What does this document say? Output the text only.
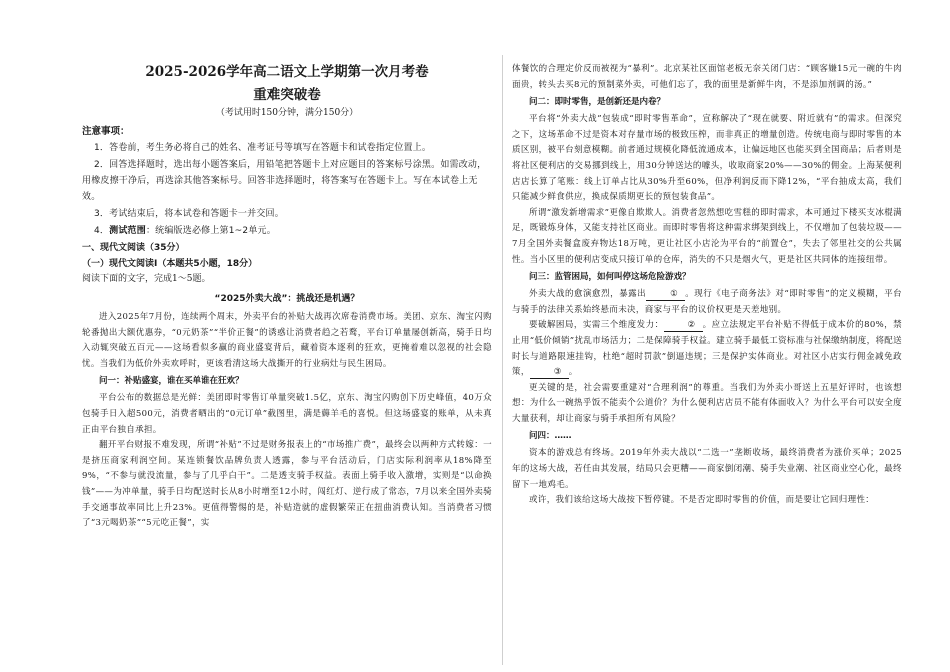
2025-2026学年高二语文上学期第一次月考卷

重难突破卷

（考试用时150分钟，满分150分）

注意事项：

1．答卷前，考生务必将自己的姓名、准考证号等填写在答题卡和试卷指定位置上。

2．回答选择题时，选出每小题答案后，用铅笔把答题卡上对应题目的答案标号涂黑。如需改动，用橡皮擦干净后，再选涂其他答案标号。回答非选择题时，将答案写在答题卡上。写在本试卷上无效。

3．考试结束后，将本试卷和答题卡一并交回。

4．测试范围：统编版选必修上第1~2单元。

一、现代文阅读（35分）

（一）现代文阅读Ⅰ（本题共5小题，18分）

阅读下面的文字，完成1～5题。

“2025外卖大战”：挑战还是机遇？

进入2025年7月份，连续两个周末，外卖平台的补贴大战再次席卷消费市场。美团、京东、淘宝闪购轮番抛出大额优惠券，“0元奶茶”“半价正餐”的诱惑让消费者趋之若鹜，平台订单量屡创新高，骑手日均入动辄突破五百元——这场看似多赢的商业盛宴背后，藏着资本逐利的狂欢，更掩着难以忽视的社会隐忧。当我们为低价外卖欢呼时，更该看清这场大战撕开的行业病灶与民生困局。

问一：补贴盛宴，谁在买单谁在狂欢？

平台公布的数据总是光鲜：美团即时零售订单量突破1.5亿，京东、淘宝闪购创下历史峰值，40万众包骑手日入超500元，消费者晒出的“0元订单”截图里，满是薅羊毛的喜悦。但这场盛宴的账单，从未真正由平台独自承担。

翻开平台财报不难发现，所谓“补贴”不过是财务报表上的“市场推广费”，最终会以两种方式转嫁：一是挤压商家利润空间。某连锁餐饮品牌负责人透露，参与平台活动后，门店实际利润率从18%降至9%，“不参与就没流量，参与了几乎白干”。二是透支骑手权益。表面上骑手收入激增，实则是“以命换钱”——为冲单量，骑手日均配送时长从8小时增至12小时，闯红灯、逆行成了常态，7月以来全国外卖骑手交通事故率同比上升23%。更值得警惕的是，补贴造就的虚假繁荣正在扭曲消费认知。当消费者习惯了“3元喝奶茶”“5元吃正餐”，实

体餐饮的合理定价反而被视为“暴利”。北京某社区面馆老板无奈关闭门店：“顾客嫌15元一碗的牛肉面贵，转头去买8元的预制菜外卖，可他们忘了，我的面里是新鲜牛肉，不是添加剂调的汤。”

问二：即时零售，是创新还是内卷？

平台将“外卖大战”包装成“即时零售革命”，宣称解决了“现在就要、附近就有”的需求。但深究之下，这场革命不过是资本对存量市场的极致压榨，而非真正的增量创造。传统电商与即时零售的本质区别，被平台刻意模糊。前者通过规模化降低流通成本，让偏远地区也能买到全国商品；后者则是将社区便利店的交易挪到线上，用30分钟送达的噱头，收取商家20%——30%的佣金。上海某便利店店长算了笔账：线上订单占比从30%升至60%，但净利润反而下降12%，“平台抽成太高，我们只能减少鲜食供应，换成保质期更长的预包装食品”。

所谓“激发新增需求”更像自欺欺人。消费者忽然想吃雪糕的即时需求，本可通过下楼买支冰棍满足，既锻炼身体，又能支持社区商业。而即时零售将这种需求绑架到线上，不仅增加了包装垃圾——7月全国外卖餐盒废弃物达18万吨，更让社区小店沦为平台的“前置仓”，失去了邻里社交的公共属性。当小区里的便利店变成只接订单的仓库，消失的不只是烟火气，更是社区共同体的连接纽带。

问三：监管困局，如何叫停这场危险游戏？

外卖大战的愈演愈烈，暴露出	① 。现行《电子商务法》对“即时零售”的定义模糊，平台与骑手的法律关系始终悬而未决，商家与平台的议价权更是天差地别。

要破解困局，实需三个维度发力：	② 。应立法规定平台补贴不得低于成本价的80%，禁止用“低价倾销”扰乱市场活力；二是保障骑手权益。建立骑手最低工资标准与社保缴纳制度，将配送时长与道路限速挂钩，杜绝“超时罚款”倒逼违规；三是保护实体商业。对社区小店实行佣金减免政策，	③ 。

更关键的是，社会需要重建对“合理利润”的尊重。当我们为外卖小哥送上五星好评时，也该想想：为什么一碗热乎饭不能卖个公道价？为什么便利店店员不能有体面收入？为什么平台可以安全度大量获利，却让商家与骑手承担所有风险？

问四：……

资本的游戏总有终场。2019年外卖大战以“二选一”垄断收场，最终消费者为涨价买单；2025年的这场大战，若任由其发展，结局只会更糟——商家倒闭潮、骑手失业潮、社区商业空心化，最终留下一地鸡毛。

或许，我们该给这场大战按下暂停键。不是否定即时零售的价值，而是要让它回归理性：
